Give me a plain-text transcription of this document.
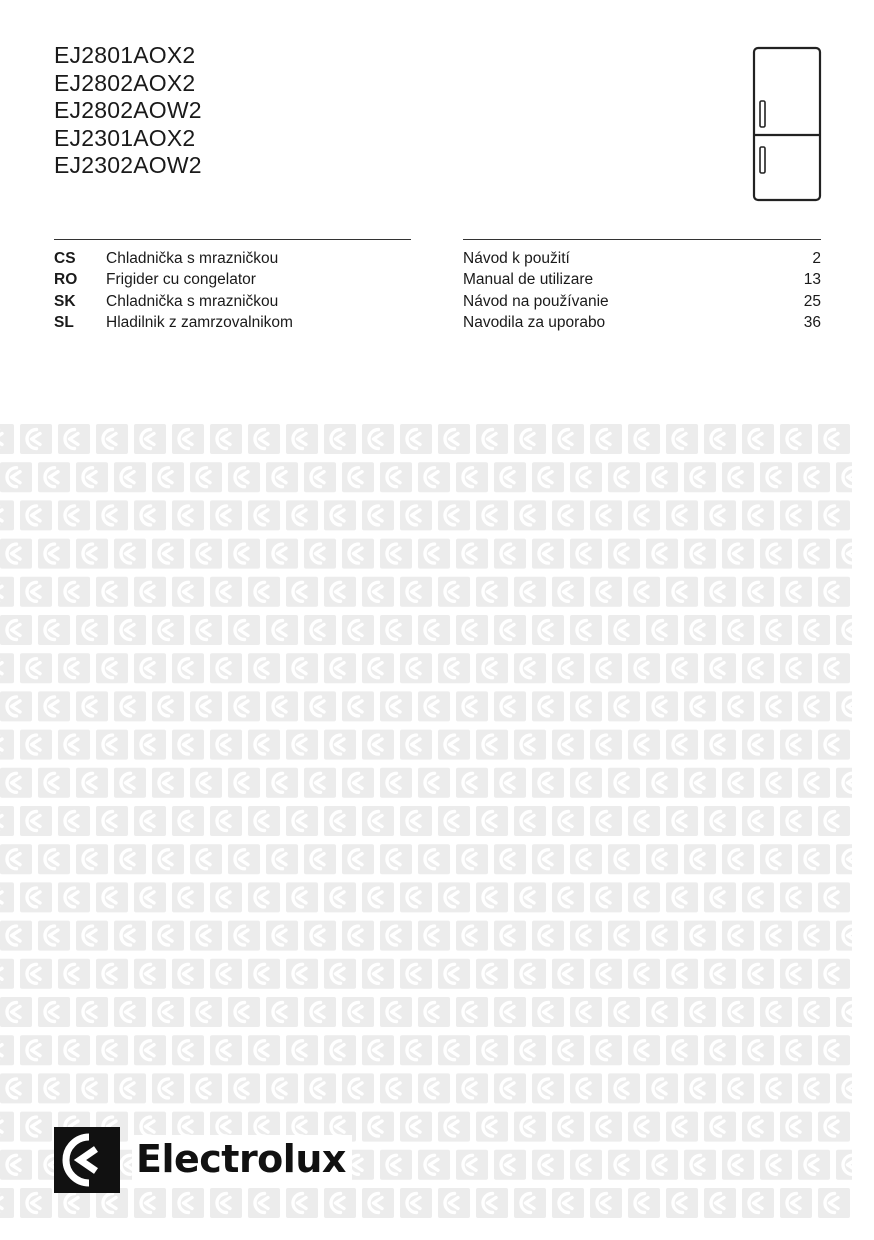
EJ2801AOX2
EJ2802AOX2
EJ2802AOW2
EJ2301AOX2
EJ2302AOW2
CS Chladnička s mrazničkou	Návod k použití	2
RO Frigider cu congelator	Manual de utilizare	13
SK Chladnička s mrazničkou	Návod na používanie	25
SL Hladilnik z zamrzovalnikom	Navodila za uporabo	36
Electrolux
